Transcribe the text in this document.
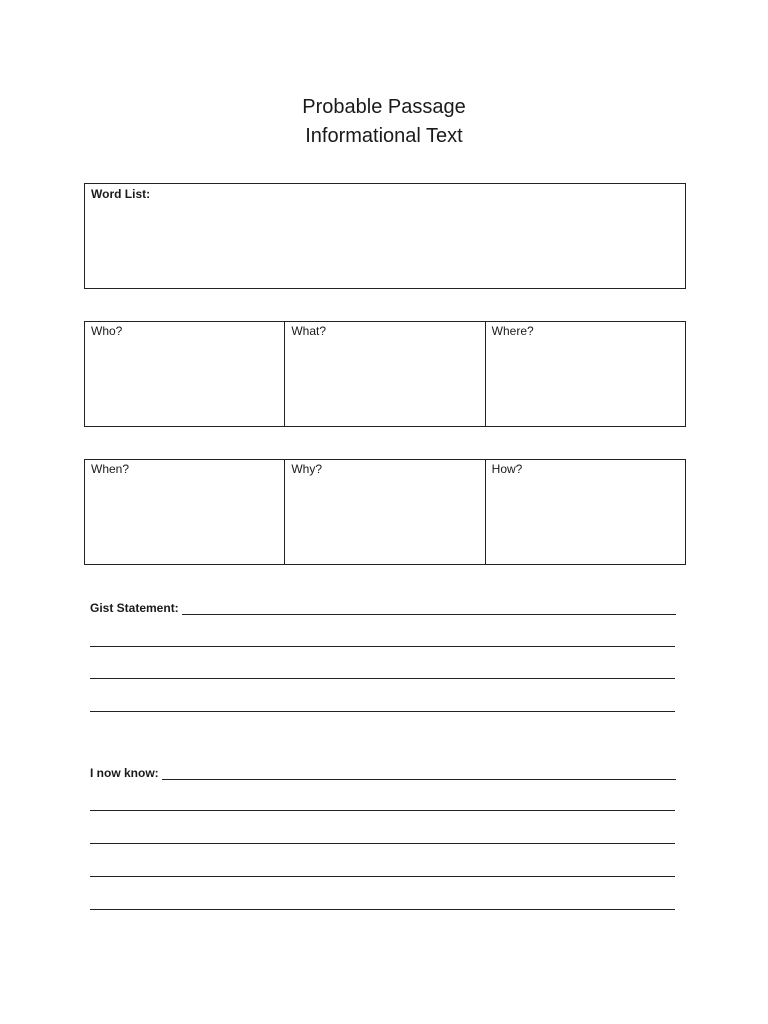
Probable Passage
Informational Text
Word List:
Who?	What?	Where?
When?	Why?	How?
Gist Statement:
I now know:
